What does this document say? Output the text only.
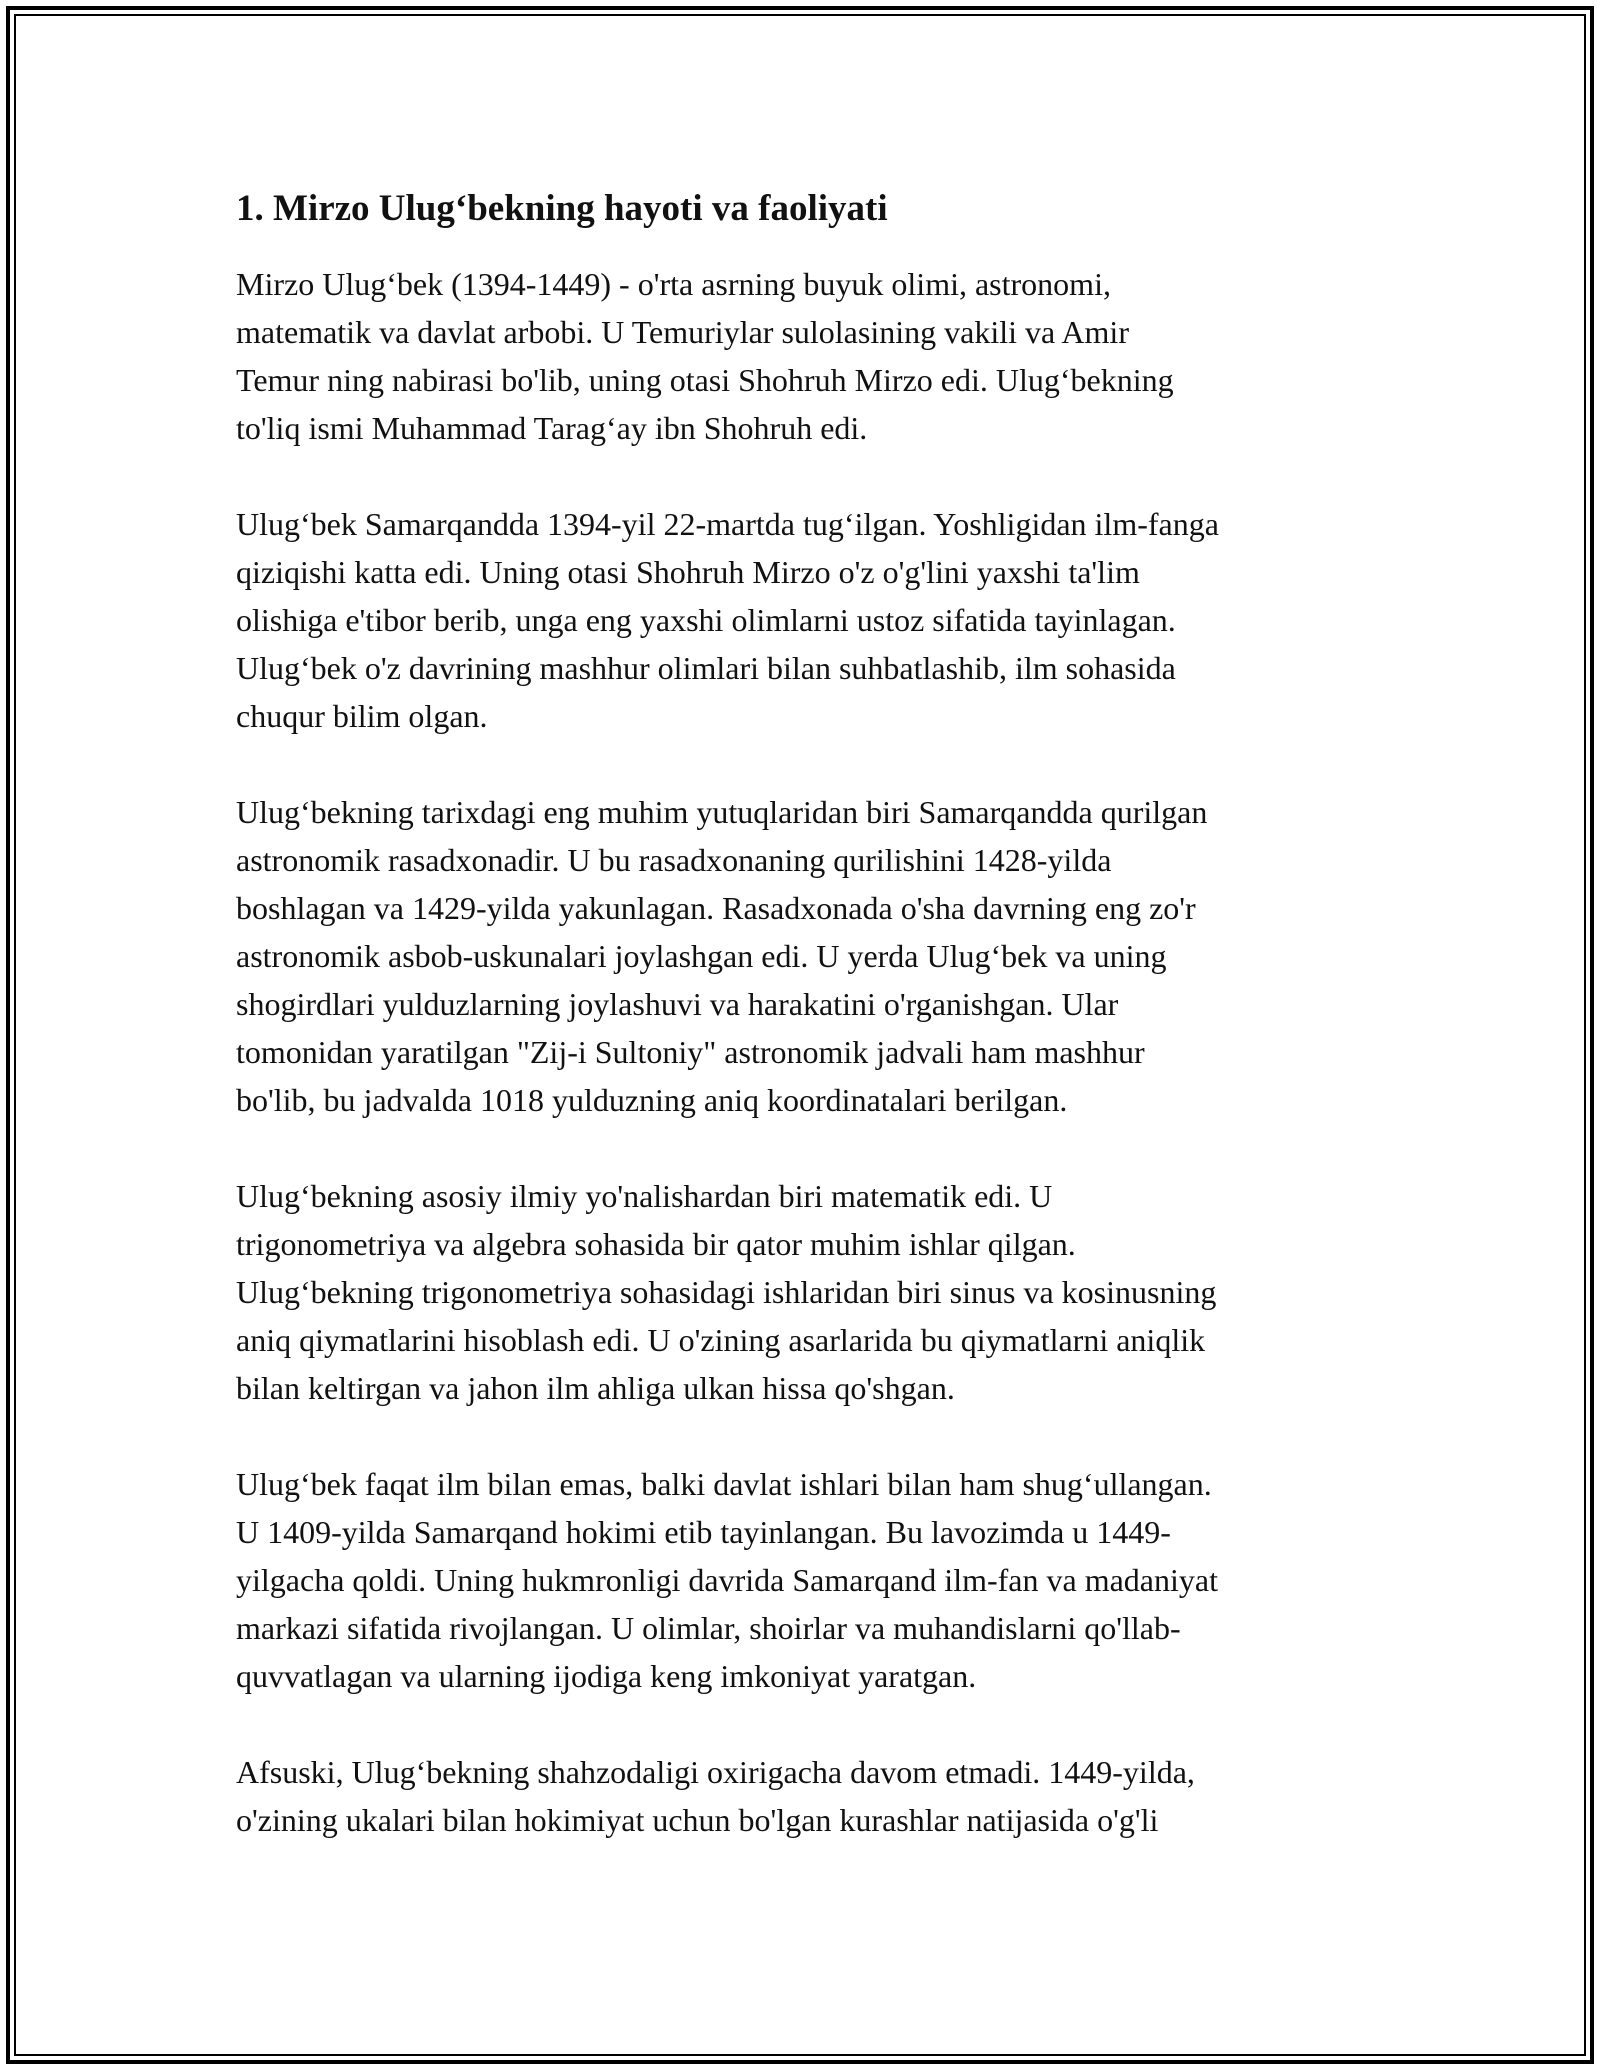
1. Mirzo Ulug‘bekning hayoti va faoliyati

Mirzo Ulug‘bek (1394-1449) - o'rta asrning buyuk olimi, astronomi,
matematik va davlat arbobi. U Temuriylar sulolasining vakili va Amir
Temur ning nabirasi bo'lib, uning otasi Shohruh Mirzo edi. Ulug‘bekning
to'liq ismi Muhammad Tarag‘ay ibn Shohruh edi.

Ulug‘bek Samarqandda 1394-yil 22-martda tug‘ilgan. Yoshligidan ilm-fanga
qiziqishi katta edi. Uning otasi Shohruh Mirzo o'z o'g'lini yaxshi ta'lim
olishiga e'tibor berib, unga eng yaxshi olimlarni ustoz sifatida tayinlagan.
Ulug‘bek o'z davrining mashhur olimlari bilan suhbatlashib, ilm sohasida
chuqur bilim olgan.

Ulug‘bekning tarixdagi eng muhim yutuqlaridan biri Samarqandda qurilgan
astronomik rasadxonadir. U bu rasadxonaning qurilishini 1428-yilda
boshlagan va 1429-yilda yakunlagan. Rasadxonada o'sha davrning eng zo'r
astronomik asbob-uskunalari joylashgan edi. U yerda Ulug‘bek va uning
shogirdlari yulduzlarning joylashuvi va harakatini o'rganishgan. Ular
tomonidan yaratilgan "Zij-i Sultoniy" astronomik jadvali ham mashhur
bo'lib, bu jadvalda 1018 yulduzning aniq koordinatalari berilgan.

Ulug‘bekning asosiy ilmiy yo'nalishardan biri matematik edi. U
trigonometriya va algebra sohasida bir qator muhim ishlar qilgan.
Ulug‘bekning trigonometriya sohasidagi ishlaridan biri sinus va kosinusning
aniq qiymatlarini hisoblash edi. U o'zining asarlarida bu qiymatlarni aniqlik
bilan keltirgan va jahon ilm ahliga ulkan hissa qo'shgan.

Ulug‘bek faqat ilm bilan emas, balki davlat ishlari bilan ham shug‘ullangan.
U 1409-yilda Samarqand hokimi etib tayinlangan. Bu lavozimda u 1449-
yilgacha qoldi. Uning hukmronligi davrida Samarqand ilm-fan va madaniyat
markazi sifatida rivojlangan. U olimlar, shoirlar va muhandislarni qo'llab-
quvvatlagan va ularning ijodiga keng imkoniyat yaratgan.

Afsuski, Ulug‘bekning shahzodaligi oxirigacha davom etmadi. 1449-yilda,
o'zining ukalari bilan hokimiyat uchun bo'lgan kurashlar natijasida o'g'li
